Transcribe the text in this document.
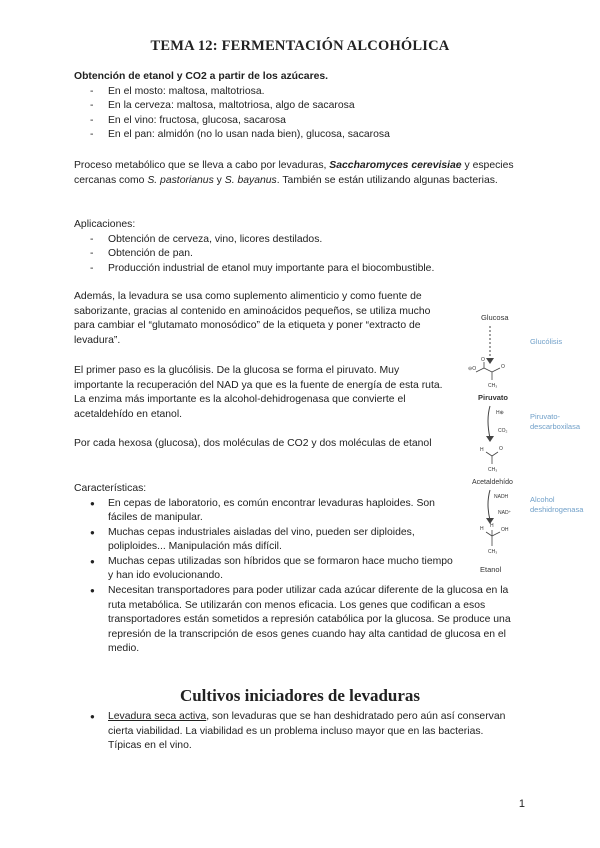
TEMA 12: FERMENTACIÓN ALCOHÓLICA

Obtención de etanol y CO2 a partir de los azúcares.

- En el mosto: maltosa, maltotriosa.
- En la cerveza: maltosa, maltotriosa, algo de sacarosa
- En el vino: fructosa, glucosa, sacarosa
- En el pan: almidón (no lo usan nada bien), glucosa, sacarosa

Proceso metabólico que se lleva a cabo por levaduras, Saccharomyces cerevisiae y especies cercanas como S. pastorianus y S. bayanus. También se están utilizando algunas bacterias.

Aplicaciones:

- Obtención de cerveza, vino, licores destilados.
- Obtención de pan.
- Producción industrial de etanol muy importante para el biocombustible.

Además, la levadura se usa como suplemento alimenticio y como fuente de saborizante, gracias al contenido en aminoácidos pequeños, se utiliza mucho para cambiar el “glutamato monosódico” de la etiqueta y poner “extracto de levadura”.

El primer paso es la glucólisis. De la glucosa se forma el piruvato. Muy importante la recuperación del NAD ya que es la fuente de energía de esta ruta. La enzima más importante es la alcohol-dehidrogenasa que convierte el acetaldehído en etanol.

Por cada hexosa (glucosa), dos moléculas de CO2 y dos moléculas de etanol

Características:

● En cepas de laboratorio, es común encontrar levaduras haploides. Son fáciles de manipular.
● Muchas cepas industriales aisladas del vino, pueden ser diploides, poliploides... Manipulación más difícil.
● Muchas cepas utilizadas son híbridos que se formaron hace mucho tiempo y han ido evolucionando.
● Necesitan transportadores para poder utilizar cada azúcar diferente de la glucosa en la ruta metabólica. Se utilizarán con menos eficacia. Los genes que codifican a esos transportadores están sometidos a represión catabólica por la glucosa. Se produce una represión de la transcripción de esos genes cuando hay alta cantidad de glucosa en el medio.
Cultivos iniciadores de levaduras
● Levadura seca activa, son levaduras que se han deshidratado pero aún así conservan cierta viabilidad. La viabilidad es un problema incluso mayor que en las bacterias.
Típicas en el vino.
Glucosa
Glucólisis
⊖O
O
O
CH₃
Piruvato
H⊕
CO₂
Piruvato-
descarboxilasa
H	O
CH₃
Acetaldehído
NADH
NAD⁺
Alcohol
deshidrogenasa
H H
OH
CH₃
Etanol
1
